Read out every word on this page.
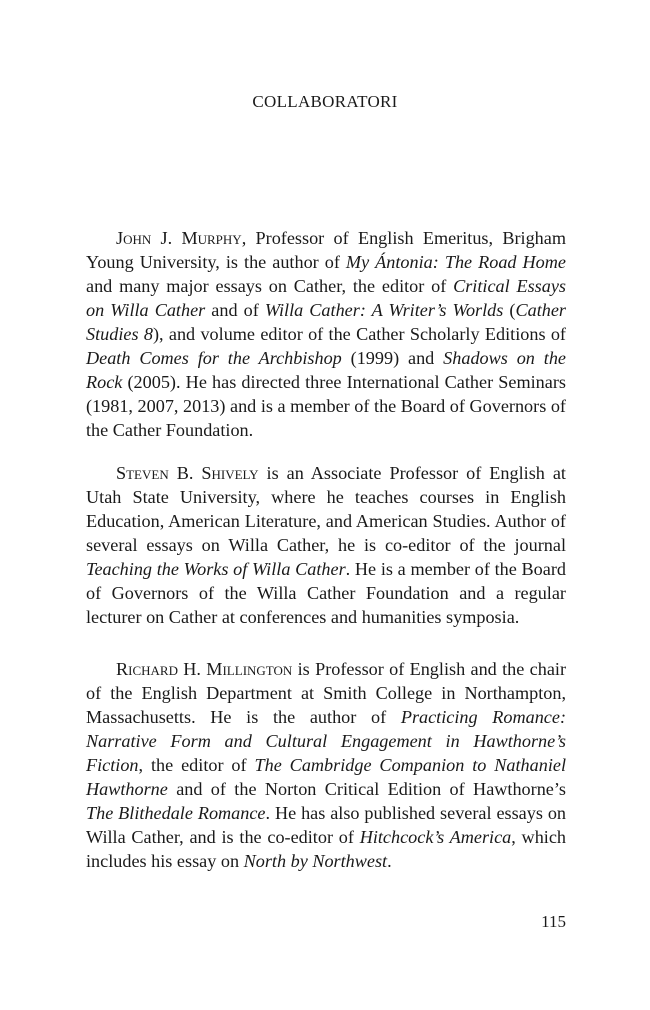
COLLABORATORI

John J. Murphy, Professor of English Emeritus, Brigham Young University, is the author of My Ántonia: The Road Home and many major essays on Cather, the editor of Critical Essays on Willa Cather and of Willa Cather: A Writer’s Worlds (Cather Studies 8), and volume editor of the Cather Scholarly Editions of Death Comes for the Archbishop (1999) and Shadows on the Rock (2005). He has directed three International Cather Seminars (1981, 2007, 2013) and is a member of the Board of Governors of the Cather Foundation.

Steven B. Shively is an Associate Professor of English at Utah State University, where he teaches courses in English Education, American Literature, and American Studies. Author of several essays on Willa Cather, he is co-editor of the journal Teaching the Works of Willa Cather. He is a member of the Board of Governors of the Willa Cather Foundation and a regular lecturer on Cather at conferences and humanities symposia.

Richard H. Millington is Professor of English and the chair of the English Department at Smith College in Northampton, Massachusetts. He is the author of Practicing Romance: Narrative Form and Cultural Engagement in Hawthorne’s Fiction, the editor of The Cambridge Companion to Nathaniel Hawthorne and of the Norton Critical Edition of Hawthorne’s The Blithedale Romance. He has also published several essays on Willa Cather, and is the co-editor of Hitchcock’s America, which includes his essay on North by Northwest.

115
